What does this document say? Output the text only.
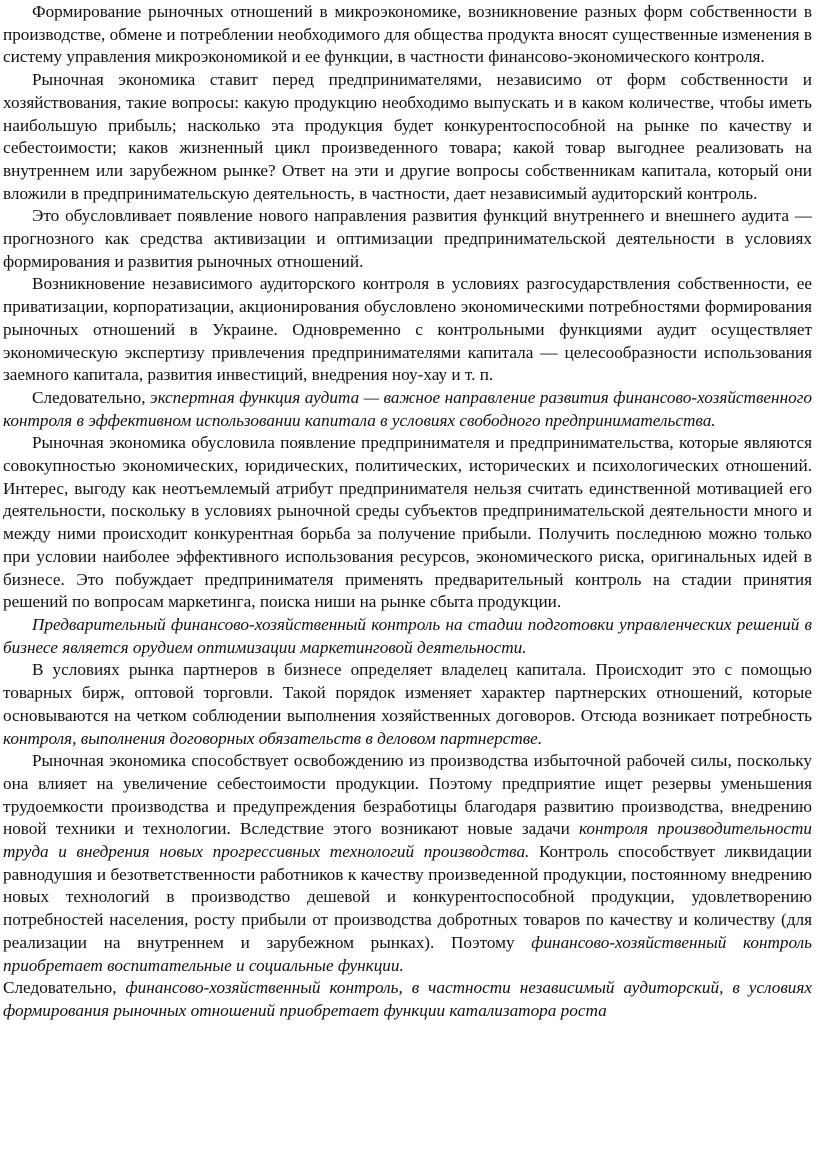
Формирование рыночных отношений в микроэкономике, возникновение разных форм собственности в производстве, обмене и потреблении необходимого для общества продукта вносят существенные изменения в систему управления микроэкономикой и ее функции, в частности финансово-экономического контроля.

Рыночная экономика ставит перед предпринимателями, независимо от форм собственности и хозяйствования, такие вопросы: какую продукцию необходимо выпускать и в каком количестве, чтобы иметь наибольшую прибыль; насколько эта продукция будет конкурентоспособной на рынке по качеству и себестоимости; каков жизненный цикл произведенного товара; какой товар выгоднее реализовать на внутреннем или зарубежном рынке? Ответ на эти и другие вопросы собственникам капитала, который они вложили в предпринимательскую деятельность, в частности, дает независимый аудиторский контроль.

Это обусловливает появление нового направления развития функций внутреннего и внешнего аудита — прогнозного как средства активизации и оптимизации предпринимательской деятельности в условиях формирования и развития рыночных отношений.

Возникновение независимого аудиторского контроля в условиях разгосударствления собственности, ее приватизации, корпоратизации, акционирования обусловлено экономическими потребностями формирования рыночных отношений в Украине. Одновременно с контрольными функциями аудит осуществляет экономическую экспертизу привлечения предпринимателями капитала — целесообразности использования заемного капитала, развития инвестиций, внедрения ноу-хау и т. п.

Следовательно, экспертная функция аудита — важное направление развития финансово-хозяйственного контроля в эффективном использовании капитала в условиях свободного предпринимательства.

Рыночная экономика обусловила появление предпринимателя и предпринимательства, которые являются совокупностью экономических, юридических, политических, исторических и психологических отношений. Интерес, выгоду как неотъемлемый атрибут предпринимателя нельзя считать единственной мотивацией его деятельности, поскольку в условиях рыночной среды субъектов предпринимательской деятельности много и между ними происходит конкурентная борьба за получение прибыли. Получить последнюю можно только при условии наиболее эффективного использования ресурсов, экономического риска, оригинальных идей в бизнесе. Это побуждает предпринимателя применять предварительный контроль на стадии принятия решений по вопросам маркетинга, поиска ниши на рынке сбыта продукции.

Предварительный финансово-хозяйственный контроль на стадии подготовки управленческих решений в бизнесе является орудием оптимизации маркетинговой деятельности.

В условиях рынка партнеров в бизнесе определяет владелец капитала. Происходит это с помощью товарных бирж, оптовой торговли. Такой порядок изменяет характер партнерских отношений, которые основываются на четком соблюдении выполнения хозяйственных договоров. Отсюда возникает потребность контроля, выполнения договорных обязательств в деловом партнерстве.

Рыночная экономика способствует освобождению из производства избыточной рабочей силы, поскольку она влияет на увеличение себестоимости продукции. Поэтому предприятие ищет резервы уменьшения трудоемкости производства и предупреждения безработицы благодаря развитию производства, внедрению новой техники и технологии. Вследствие этого возникают новые задачи контроля производительности труда и внедрения новых прогрессивных технологий производства. Контроль способствует ликвидации равнодушия и безответственности работников к качеству произведенной продукции, постоянному внедрению новых технологий в производство дешевой и конкурентоспособной продукции, удовлетворению потребностей населения, росту прибыли от производства добротных товаров по качеству и количеству (для реализации на внутреннем и зарубежном рынках). Поэтому финансово-хозяйственный контроль приобретает воспитательные и социальные функции.

Следовательно, финансово-хозяйственный контроль, в частности независимый аудиторский, в условиях формирования рыночных отношений приобретает функции катализатора роста
